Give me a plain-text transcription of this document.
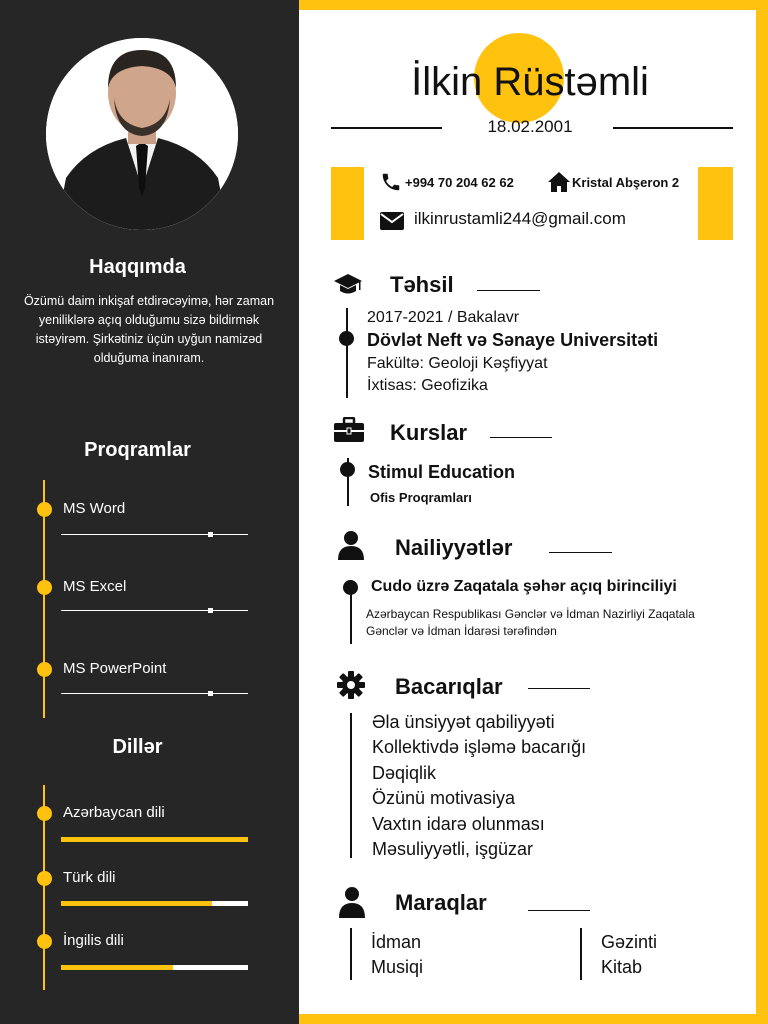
Haqqımda
Özümü daim inkişaf etdirəcəyimə, hər zaman yeniliklərə açıq olduğumu sizə bildirmək istəyirəm. Şirkətiniz üçün uyğun namizəd olduğuma inanıram.
Proqramlar
MS Word
MS Excel
MS PowerPoint
Dillər
Azərbaycan dili
Türk dili
İngilis dili
İlkin Rüstəmli
18.02.2001
+994 70 204 62 62	Kristal Abşeron 2
ilkinrustamli244@gmail.com
Təhsil
2017-2021 / Bakalavr
Dövlət Neft və Sənaye Universitəti
Fakültə: Geoloji Kəşfiyyat
İxtisas: Geofizika
Kurslar
Stimul Education
Ofis Proqramları
Nailiyyətlər
Cudo üzrə Zaqatala şəhər açıq birinciliyi
Azərbaycan Respublikası Gənclər və İdman Nazirliyi Zaqatala
Gənclər və İdman İdarəsi tərəfindən
Bacarıqlar
Əla ünsiyyət qabiliyyəti
Kollektivdə işləmə bacarığı
Dəqiqlik
Özünü motivasiya
Vaxtın idarə olunması
Məsuliyyətli, işgüzar
Maraqlar
İdman
Musiqi
Gəzinti
Kitab
